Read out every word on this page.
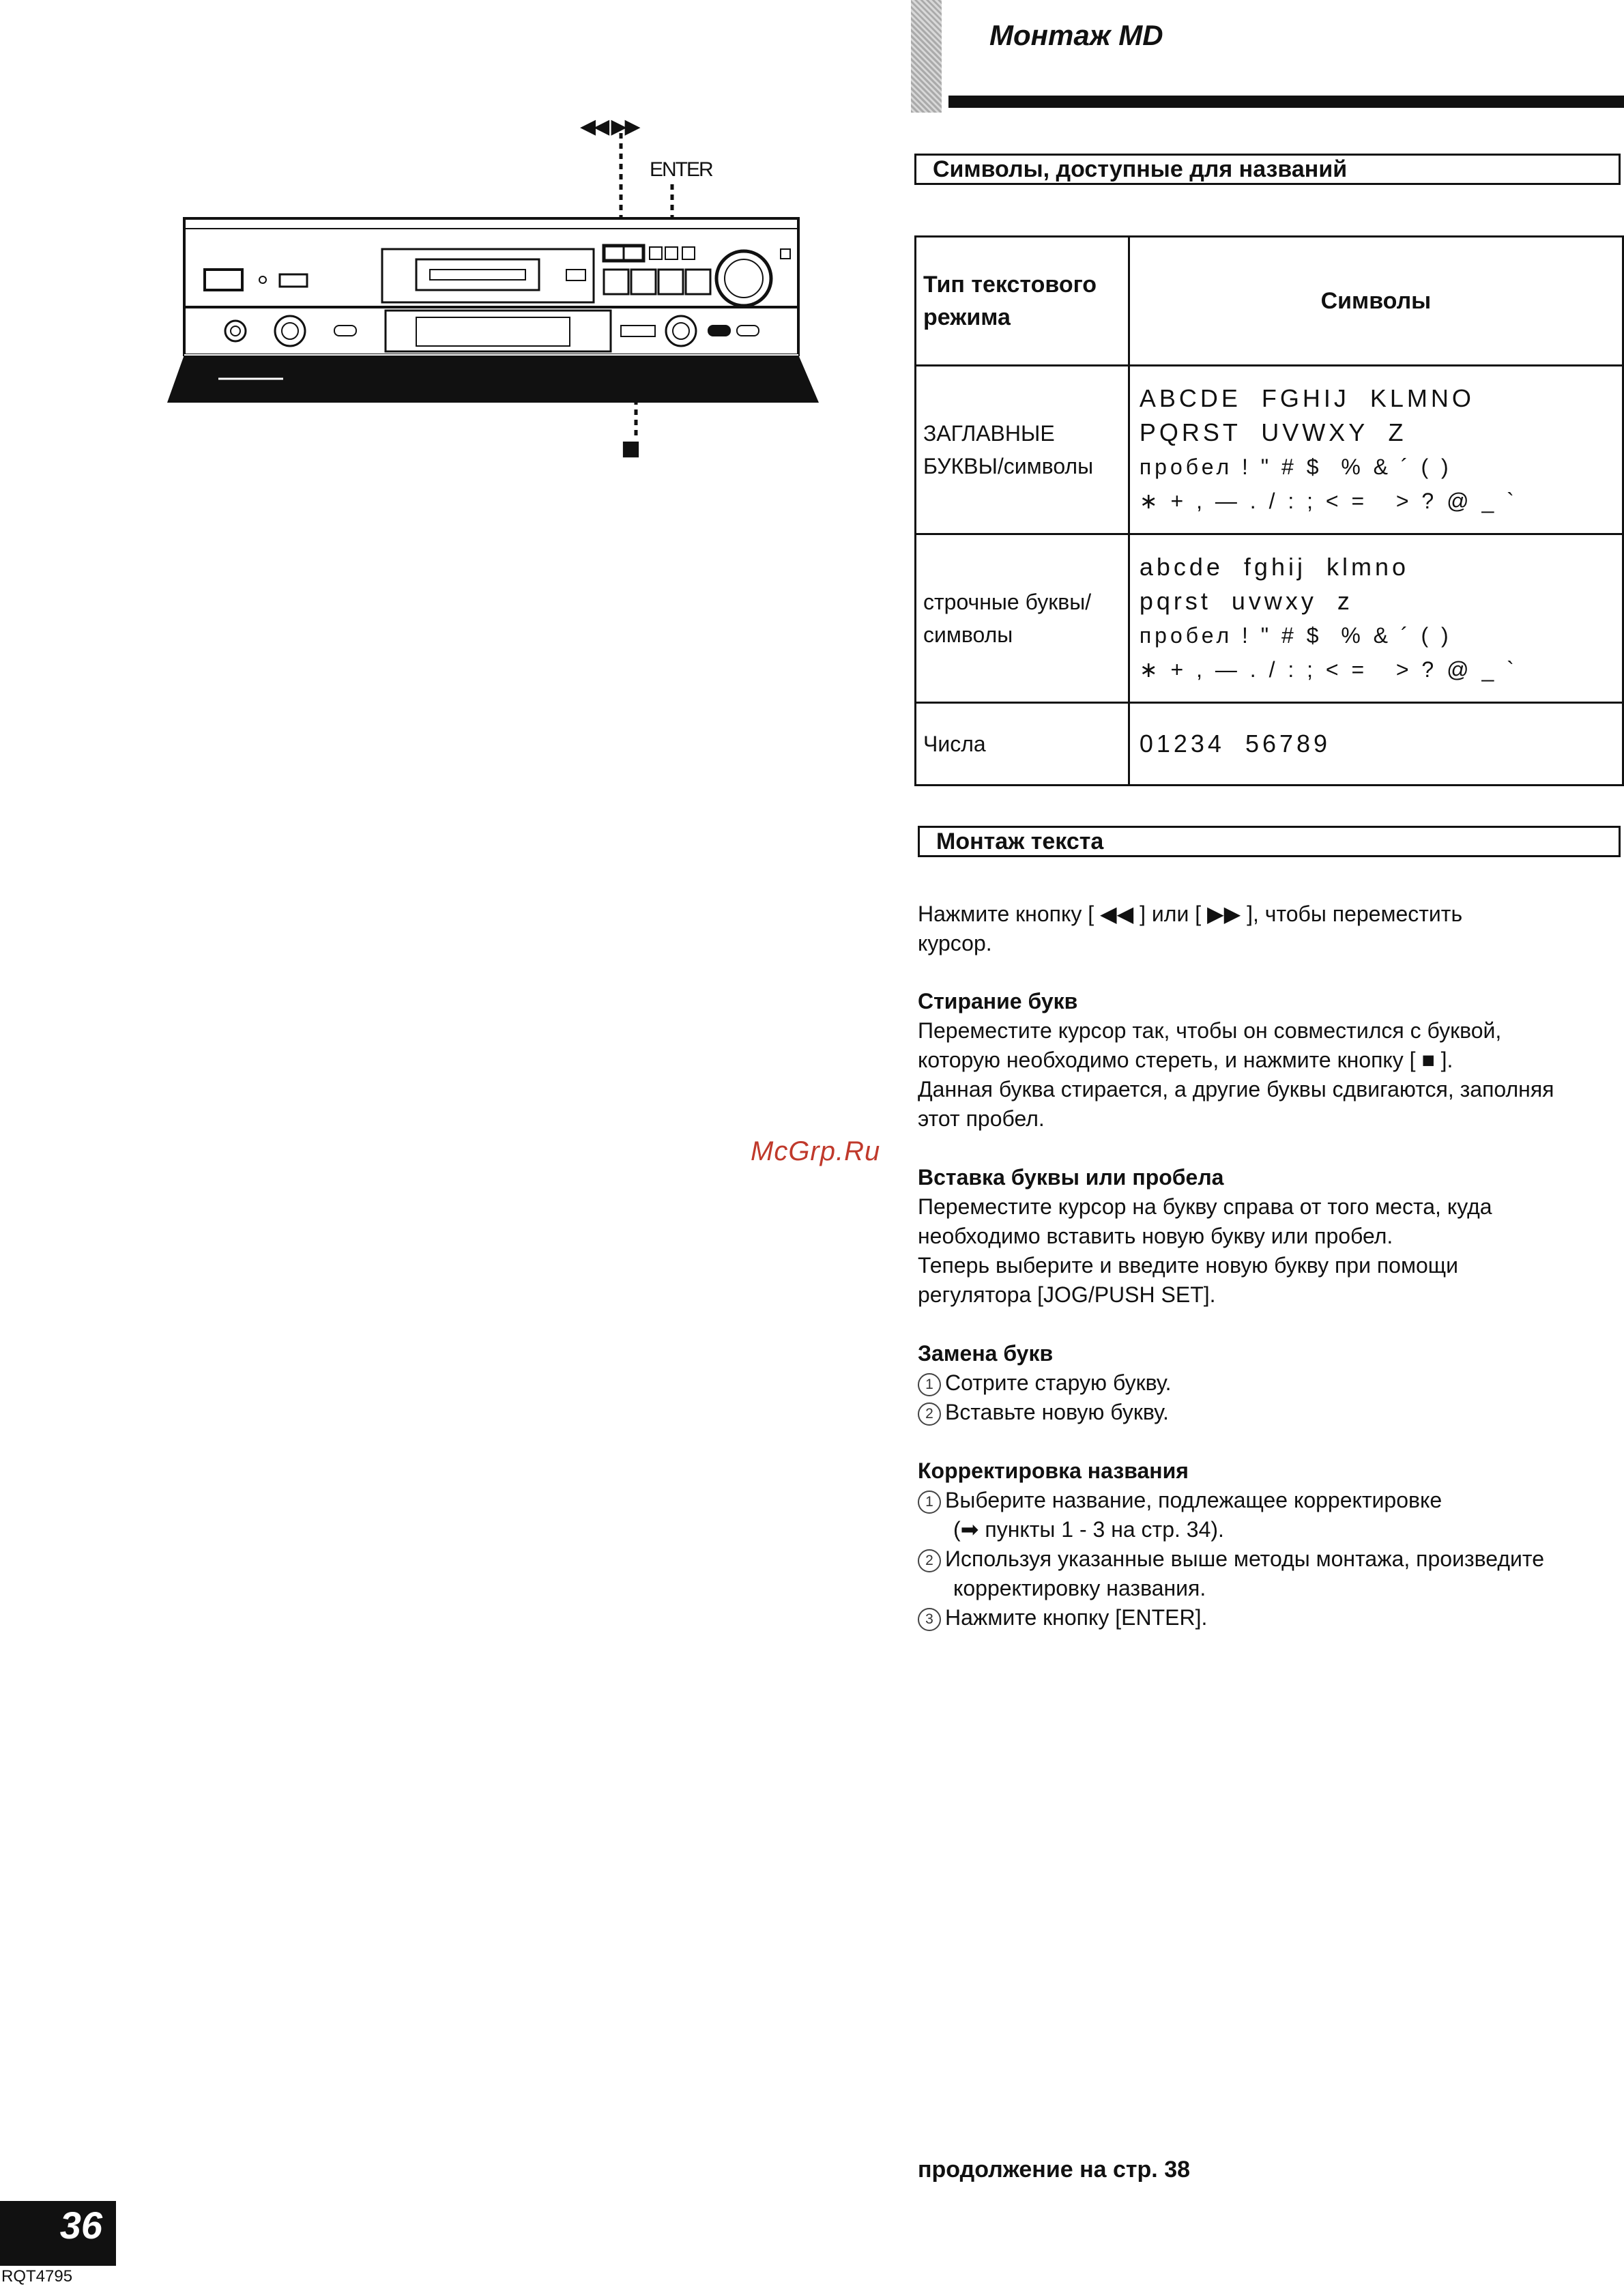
◀◀ ▶▶
ENTER
■
Монтаж MD
Символы, доступные для названий
Тип текстового режима	Символы
ЗАГЛАВНЫЕ БУКВЫ/символы	ABCDE  FGHIJ  KLMNO
PQRST  UVWXY  Z
пробел ! " # $  % & ´ ( )
∗ + , — . / : ; < =   > ? @ _ `

строчные буквы/символы	abcde  fghij  klmno
pqrst  uvwxy  z
пробел ! " # $  % & ´ ( )
∗ + , — . / : ; < =   > ? @ _ `

Числа	01234  56789
Монтаж текста
Нажмите кнопку [ ◀◀ ] или [ ▶▶ ], чтобы переместить
курсор.
Стирание букв
Переместите курсор так, чтобы он совместился с буквой,
которую необходимо стереть, и нажмите кнопку [ ■ ].
Данная буква стирается, а другие буквы сдвигаются, заполняя
этот пробел.
Вставка буквы или пробела
Переместите курсор на букву справа от того места, куда
необходимо вставить новую букву или пробел.
Теперь выберите и введите новую букву при помощи
регулятора [JOG/PUSH SET].
Замена букв
1 Сотрите старую букву.
2 Вставьте новую букву.
Корректировка названия
1 Выберите название, подлежащее корректировке
(➡ пункты 1 - 3 на стр. 34).
2 Используя указанные выше методы монтажа, произведите
корректировку названия.
3 Нажмите кнопку [ENTER].
McGrp.Ru
продолжение на стр. 38
36
RQT4795
